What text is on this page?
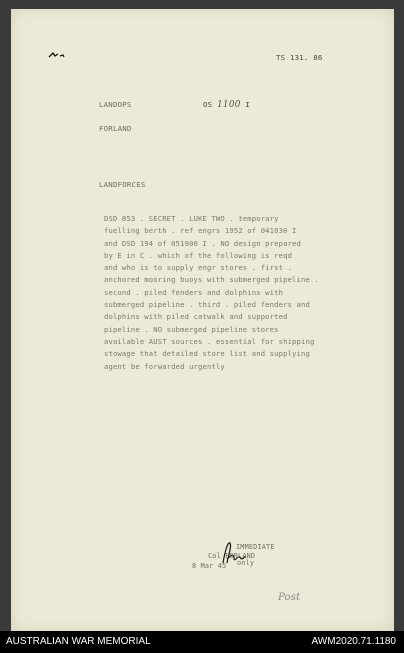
TS 131. 86
LANDOPS	OS 1100 I
FORLAND
LANDFORCES
DSD 853 . SECRET . LUKE TWO . temporary
fuelling berth . ref engrs 1952 of 041030 I
and DSD 194 of 051900 I . NO design prepared
by E in C . which of the following is reqd
and who is to supply engr stores . first .
anchored mooring buoys with submerged pipeline .
second . piled fenders and dolphins with
submerged pipeline . third . piled fenders and
dolphins with piled catwalk and supported
pipeline . NO submerged pipeline stores
available AUST sources . essential for shipping
stowage that detailed store list and supplying
agent be forwarded urgently
IMMEDIATE
Col FORLAND
8 Mar 45 only
Post
AUSTRALIAN WAR MEMORIAL	AWM2020.71.1180
